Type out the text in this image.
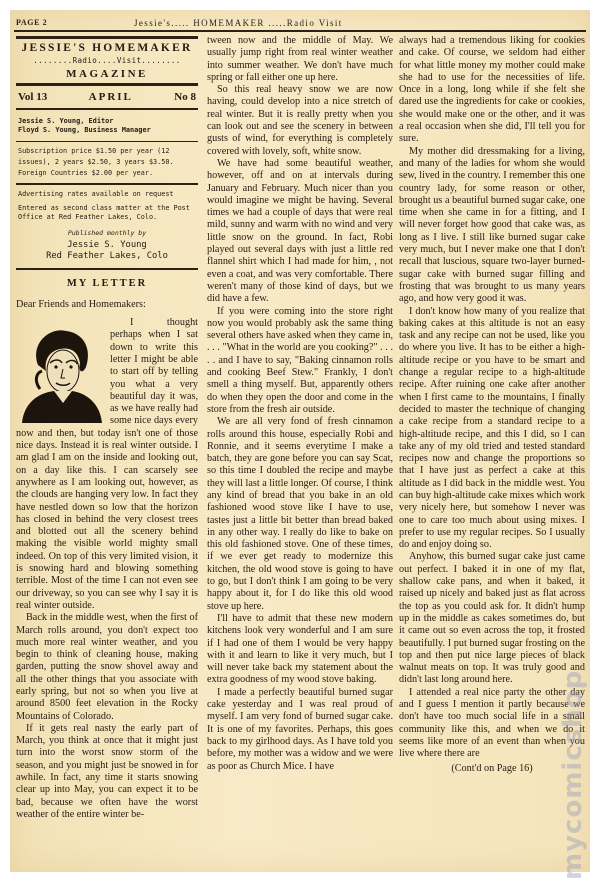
PAGE 2	Jessie's..... HOMEMAKER .....Radio Visit
JESSIE'S HOMEMAKER
........Radio....Visit........
MAGAZINE
Vol 13	APRIL	No 8
Jessie S. Young, Editor
Floyd S. Young, Business Manager
Subscription price $1.50 per year (12 issues), 2 years $2.50, 3 years $3.50. Foreign Countries $2.00 per year.
Advertising rates available on request
Entered as second class matter at the Post Office at Red Feather Lakes, Colo.
Published monthly by
Jessie S. Young
Red Feather Lakes, Colo
MY LETTER
Dear Friends and Homemakers:

I thought perhaps when I sat down to write this letter I might be able to start off by telling you what a very beautiful day it was, as we have really had some nice days every now and then, but today isn't one of those nice days. Instead it is real winter outside. I am glad I am on the inside and looking out, on a day like this. I can scarsely see anywhere as I am looking out, however, as the clouds are hanging very low. In fact they have nestled down so low that the horizon has closed in behind the very closest trees and blotted out all the scenery behind making the visible world mighty small indeed. On top of this very limited vision, it is snowing hard and blowing something terrible. Most of the time I can not even see our driveway, so you can see why I say it is real winter outside.

Back in the middle west, when the first of March rolls around, you don't expect too much more real winter weather, and you begin to think of cleaning house, making garden, putting the snow shovel away and all the other things that you associate with early spring, but not so when you live at around 8500 feet elevation in the Rocky Mountains of Colorado.

If it gets real nasty the early part of March, you think at once that it might just turn into the worst snow storm of the season, and you might just be snowed in for awhile. In fact, any time it starts snowing clear up into May, you can expect it to be bad, because we often have the worst weather of the entire winter be-

tween now and the middle of May. We usually jump right from real winter weather into summer weather. We don't have much spring or fall either one up here.

So this real heavy snow we are now having, could develop into a nice stretch of real winter. But it is really pretty when you can look out and see the scenery in between gusts of wind, for everything is completely covered with lovely, soft, white snow.

We have had some beautiful weather, however, off and on at intervals during January and February. Much nicer than you would imagine we might be having. Several times we had a couple of days that were real mild, sunny and warm with no wind and very little snow on the ground. In fact, Robi played out several days with just a little red flannel shirt which I had made for him, , not even a coat, and was very comfortable. There weren't many of those kind of days, but we did have a few.

If you were coming into the store right now you would probably ask the same thing several others have asked when they came in, . . . "What in the world are you cooking?" . . . . . and I have to say, "Baking cinnamon rolls and cooking Beef Stew." Frankly, I don't smell a thing myself. But, apparently others do when they open the door and come in the store from the fresh air outside.

We are all very fond of fresh cinnamon rolls around this house, especially Robi and Ronnie, and it seems everytime I make a batch, they are gone before you can say Scat, so this time I doubled the recipe and maybe they will last a little longer. Of course, I think any kind of bread that you bake in an old fashioned wood stove like I have to use, tastes just a little bit better than bread baked in any other way. I really do like to bake on this old fashioned stove. One of these times, if we ever get ready to modernize this kitchen, the old wood stove is going to have to go, but I don't think I am going to be very happy about it, for I do like this old wood stove up here.

I'll have to admit that these new modern kitchens look very wonderful and I am sure if I had one of them I would be very happy with it and learn to like it very much, but I will never take back my statement about the extra goodness of my wood stove baking.

I made a perfectly beautiful burned sugar cake yesterday and I was real proud of myself. I am very fond of burned sugar cake. It is one of my favorites. Perhaps, this goes back to my girlhood days. As I have told you before, my mother was a widow and we were as poor as Church Mice. I have

always had a tremendous liking for cookies and cake. Of course, we seldom had either for what little money my mother could make she had to use for the necessities of life. Once in a long, long while if she felt she dared use the ingredients for cake or cookies, she would make one or the other, and it was a real occasion when she did, I'll tell you for sure.

My mother did dressmaking for a living, and many of the ladies for whom she would sew, lived in the country. I remember this one country lady, for some reason or other, brought us a beautiful burned sugar cake, one time when she came in for a fitting, and I will never forget how good that cake was, as long as I live. I still like burned sugar cake very much, but I never make one that I don't recall that luscious, square two-layer burned-sugar cake with burned sugar filling and frosting that was brought to us many years ago, and how very good it was.

I don't know how many of you realize that baking cakes at this altitude is not an easy task and any recipe can not be used, like you do where you live. It has to be either a high-altitude recipe or you have to be smart and change a regular recipe to a high-altitude recipe. After ruining one cake after another when I first came to the mountains, I finally decided to master the technique of changing a cake recipe from a standard recipe to a high-altitude recipe, and this I did, so I can take any of my old tried and tested standard recipes now and change the proportions so that I have just as perfect a cake at this altitude as I did back in the middle west. You can buy high-altitude cake mixes which work very nicely here, but somehow I never was one to care too much about using mixes. I prefer to use my regular recipes. So I usually do and enjoy doing so.

Anyhow, this burned sugar cake just came out perfect. I baked it in one of my flat, shallow cake pans, and when it baked, it raised up nicely and baked just as flat across the top as you could ask for. It didn't hump up in the middle as cakes sometimes do, but it came out so even across the top, it frosted beautifully. I put burned sugar frosting on the top and then put nice large pieces of black walnut meats on top. It was truly good and didn't last long around here.

I attended a real nice party the other day and I guess I mention it partly because we don't have too much social life in a small community like this, and when we do it seems like more of an event than when you live where there are

(Cont'd on Page 16) mycomicshop
